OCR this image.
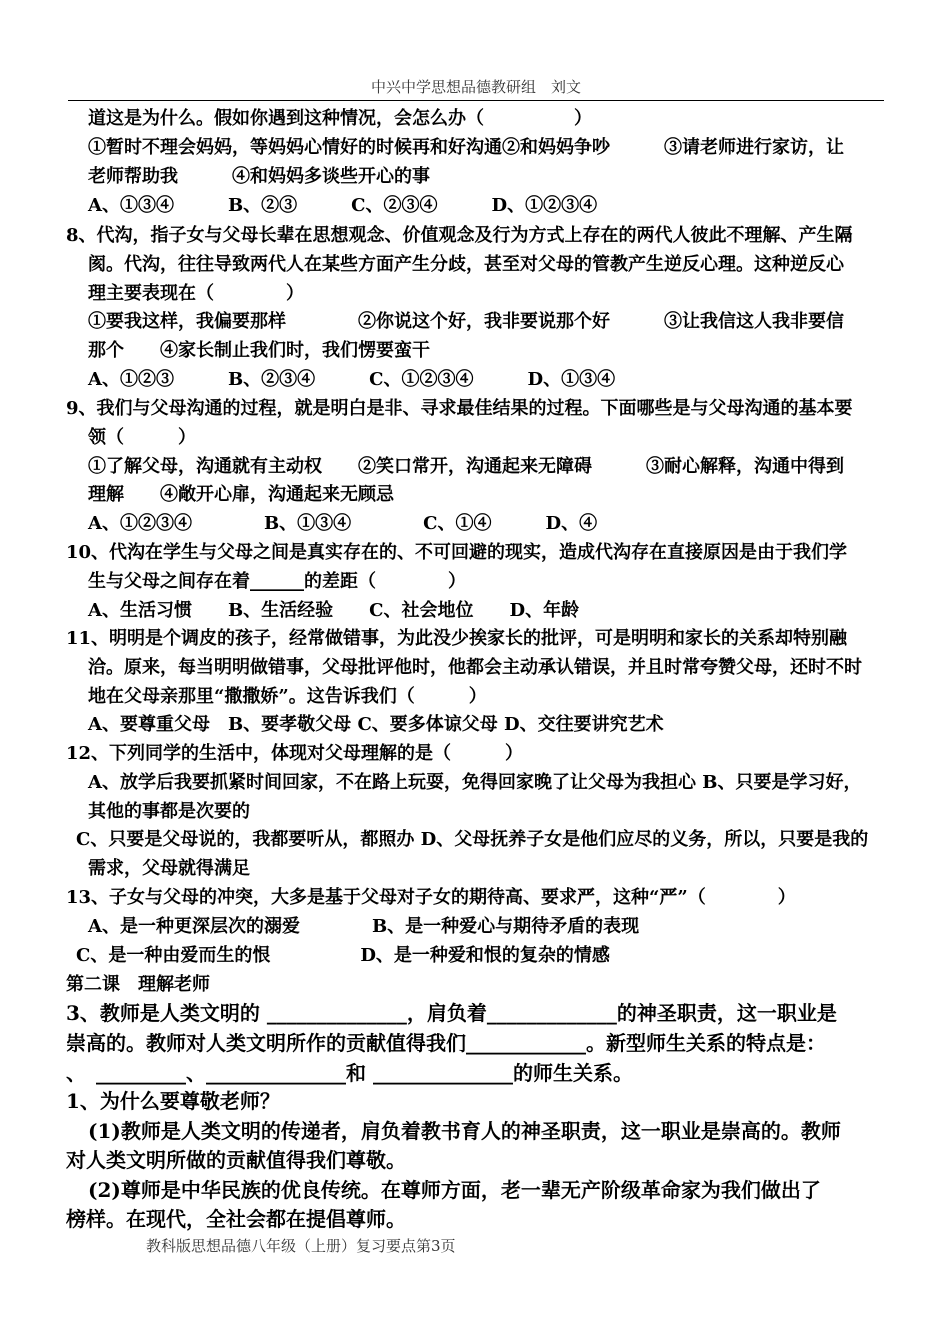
中兴中学思想品德教研组　刘文
道这是为什么。假如你遇到这种情况，会怎么办（　　　　　）
①暂时不理会妈妈，等妈妈心情好的时候再和好沟通②和妈妈争吵　　　③请老师进行家访，让
老师帮助我　　　④和妈妈多谈些开心的事
A、①③④　　　B、②③　　　C、②③④　　　D、①②③④
8、代沟，指子女与父母长辈在思想观念、价值观念及行为方式上存在的两代人彼此不理解、产生隔
阂。代沟，往往导致两代人在某些方面产生分歧，甚至对父母的管教产生逆反心理。这种逆反心
理主要表现在（　　　　）
①要我这样，我偏要那样　　　　②你说这个好，我非要说那个好　　　③让我信这人我非要信
那个　　④家长制止我们时，我们愣要蛮干
A、①②③　　　B、②③④　　　C、①②③④　　　D、①③④
9、我们与父母沟通的过程，就是明白是非、寻求最佳结果的过程。下面哪些是与父母沟通的基本要
领（　　　）
①了解父母，沟通就有主动权　　②笑口常开，沟通起来无障碍　　　③耐心解释，沟通中得到
理解　　④敞开心扉，沟通起来无顾忌
A、①②③④　　　　B、①③④　　　　C、①④　　　D、④
10、代沟在学生与父母之间是真实存在的、不可回避的现实，造成代沟存在直接原因是由于我们学
生与父母之间存在着______的差距（　　　　）
A、生活习惯　　B、生活经验　　C、社会地位　　D、年龄
11、明明是个调皮的孩子，经常做错事，为此没少挨家长的批评，可是明明和家长的关系却特别融
洽。原来，每当明明做错事，父母批评他时，他都会主动承认错误，并且时常夸赞父母，还时不时
地在父母亲那里“撒撒娇”。这告诉我们（　　　）
A、要尊重父母　B、要孝敬父母 C、要多体谅父母 D、交往要讲究艺术
12、下列同学的生活中，体现对父母理解的是（　　　）
A、放学后我要抓紧时间回家，不在路上玩耍，免得回家晚了让父母为我担心 B、只要是学习好，
其他的事都是次要的
C、只要是父母说的，我都要听从，都照办 D、父母抚养子女是他们应尽的义务，所以，只要是我的
需求，父母就得满足
13、子女与父母的冲突，大多是基于父母对子女的期待高、要求严，这种“严”（　　　　）
A、是一种更深层次的溺爱　　　　B、是一种爱心与期待矛盾的表现
C、是一种由爱而生的恨　　　　　D、是一种爱和恨的复杂的情感
第二课　理解老师
3、教师是人类文明的 ______________，肩负着_____________的神圣职责，这一职业是
崇高的。教师对人类文明所作的贡献值得我们____________。新型师生关系的特点是：
、　_________、______________和 ______________的师生关系。
1、为什么要尊敬老师？
(1)教师是人类文明的传递者，肩负着教书育人的神圣职责，这一职业是崇高的。教师
对人类文明所做的贡献值得我们尊敬。
(2)尊师是中华民族的优良传统。在尊师方面，老一辈无产阶级革命家为我们做出了
榜样。在现代，全社会都在提倡尊师。
教科版思想品德八年级（上册）复习要点第3页
